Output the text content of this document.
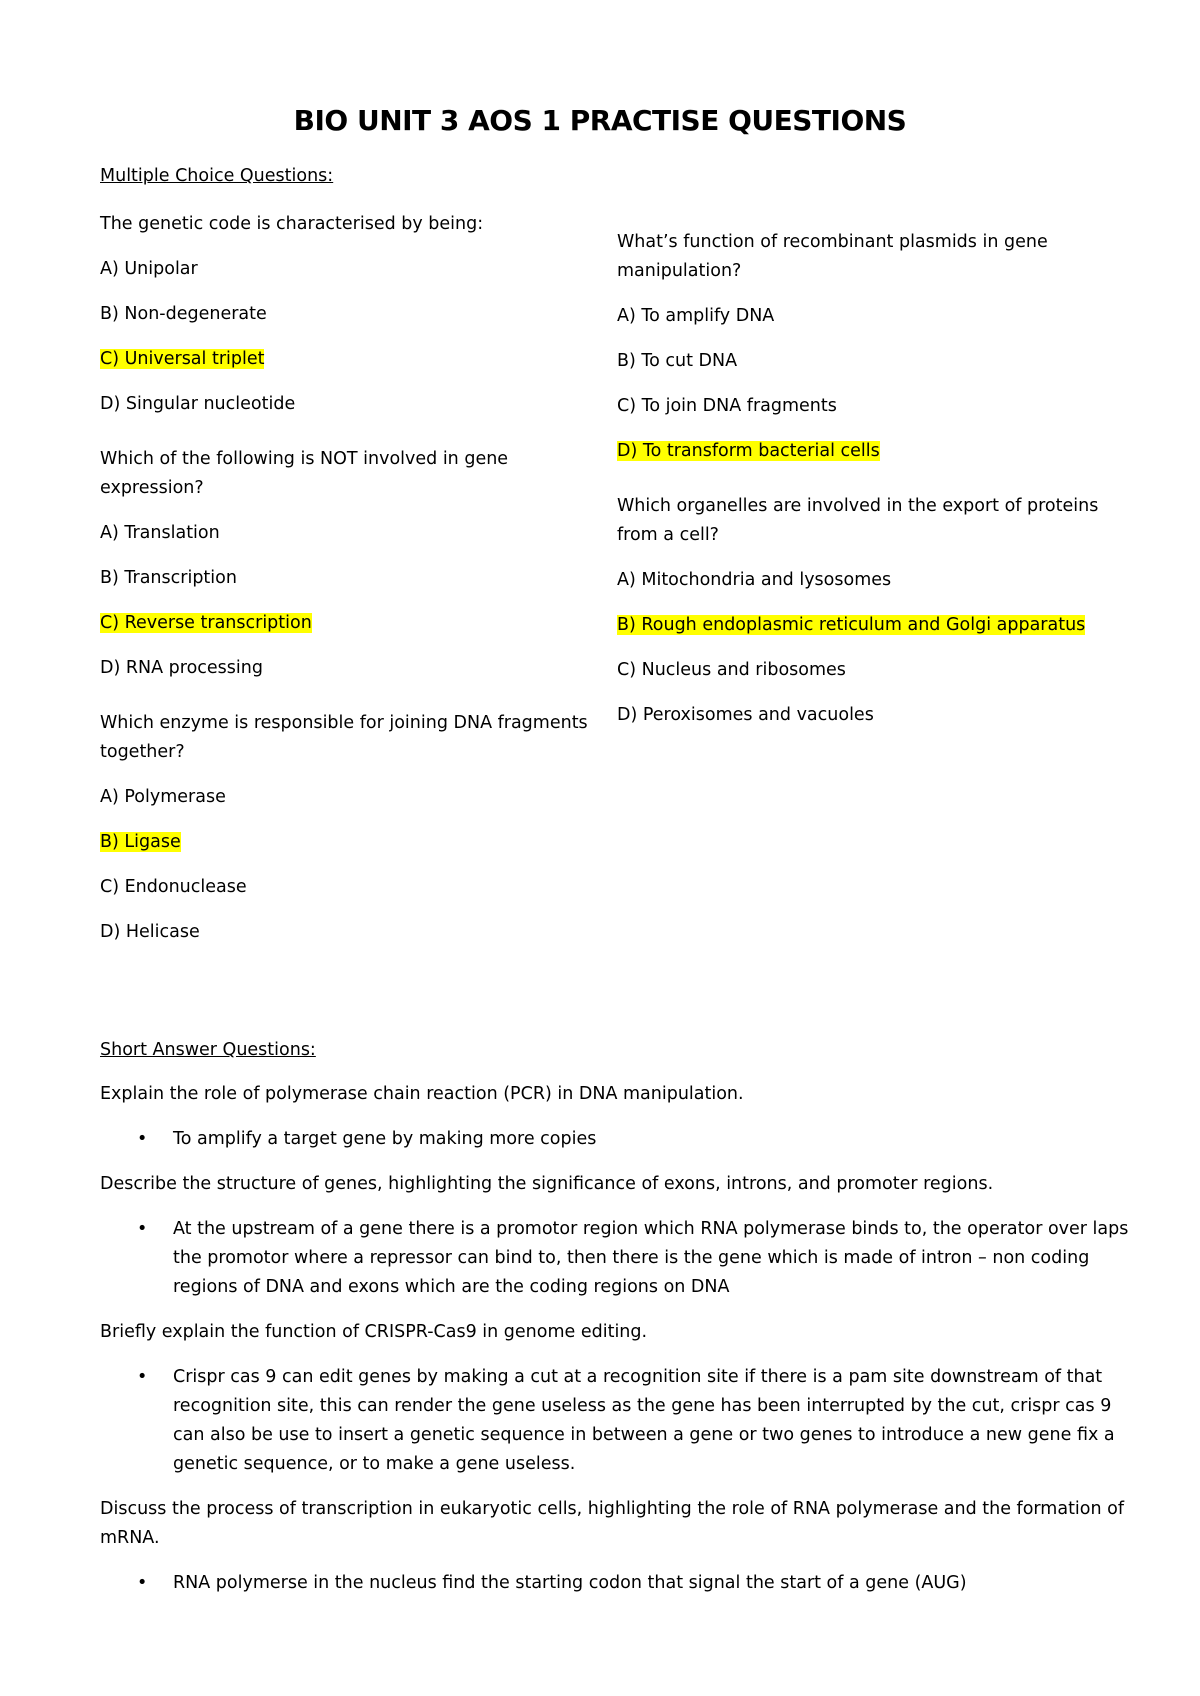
BIO UNIT 3 AOS 1 PRACTISE QUESTIONS
Multiple Choice Questions:
The genetic code is characterised by being:
A) Unipolar
B) Non-degenerate
C) Universal triplet
D) Singular nucleotide
Which of the following is NOT involved in gene expression?
A) Translation
B) Transcription
C) Reverse transcription
D) RNA processing
Which enzyme is responsible for joining DNA fragments together?
A) Polymerase
B) Ligase
C) Endonuclease
D) Helicase
What’s function of recombinant plasmids in gene manipulation?
A) To amplify DNA
B) To cut DNA
C) To join DNA fragments
D) To transform bacterial cells
Which organelles are involved in the export of proteins from a cell?
A) Mitochondria and lysosomes
B) Rough endoplasmic reticulum and Golgi apparatus
C) Nucleus and ribosomes
D) Peroxisomes and vacuoles
Short Answer Questions:
Explain the role of polymerase chain reaction (PCR) in DNA manipulation.
• To amplify a target gene by making more copies
Describe the structure of genes, highlighting the significance of exons, introns, and promoter regions.
• At the upstream of a gene there is a promotor region which RNA polymerase binds to, the operator over laps the promotor where a repressor can bind to, then there is the gene which is made of intron – non coding regions of DNA and exons which are the coding regions on DNA
Briefly explain the function of CRISPR-Cas9 in genome editing.
• Crispr cas 9 can edit genes by making a cut at a recognition site if there is a pam site downstream of that recognition site, this can render the gene useless as the gene has been interrupted by the cut, crispr cas 9 can also be use to insert a genetic sequence in between a gene or two genes to introduce a new gene fix a genetic sequence, or to make a gene useless.
Discuss the process of transcription in eukaryotic cells, highlighting the role of RNA polymerase and the formation of mRNA.
• RNA polymerse in the nucleus find the starting codon that signal the start of a gene (AUG)
